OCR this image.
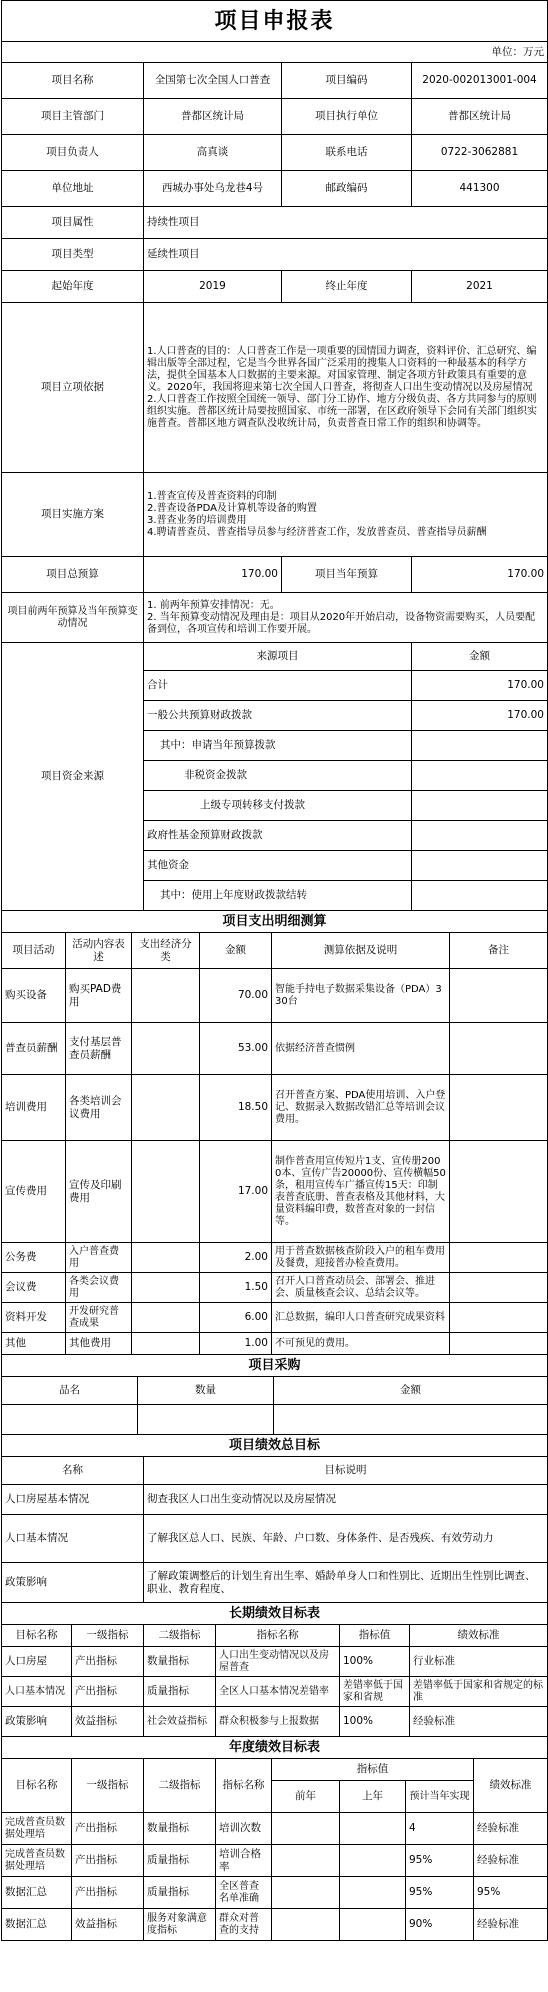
项目申报表			
单位：万元			
项目名称	全国第七次全国人口普查	项目编码	2020-002013001-004
项目主管部门	普都区统计局	项目执行单位	普都区统计局
项目负责人	高真谈	联系电话	0722-3062881
单位地址	西城办事处乌龙巷4号	邮政编码	441300
项目属性	持续性项目		
项目类型	延续性项目		
起始年度	2019	终止年度	2021
项目立项依据	1.人口普查的目的：人口普查工作是一项重要的国情国力调查，资料评价、汇总研究、编辑出版等全部过程，它是当今世界各国广泛采用的搜集人口资料的一种最基本的科学方法，提供全国基本人口数据的主要来源。对国家管理、制定各项方针政策具有重要的意义。2020年，我国将迎来第七次全国人口普查，将彻查人口出生变动情况以及房屋情况
2.人口普查工作按照全国统一领导、部门分工协作、地方分级负责、各方共同参与的原则组织实施。普都区统计局要按照国家、市统一部署，在区政府领导下会同有关部门组织实施普查。普都区地方调查队没收统计局，负责普查日常工作的组织和协调等。		
项目实施方案	1.普查宣传及普查资料的印制
2.普查设备PDA及计算机等设备的购置
3.普查业务的培训费用
4.聘请普查员、普查指导员参与经济普查工作，发放普查员、普查指导员薪酬		
项目总预算	170.00	项目当年预算	170.00
项目前两年预算及当年预算变动情况	1. 前两年预算安排情况：无。
2. 当年预算变动情况及理由是：项目从2020年开始启动，设备物资需要购买，人员要配备到位，各项宣传和培训工作要开展。		
项目资金来源	来源项目	金额
	合计	170.00
	一般公共预算财政拨款	170.00
	其中：申请当年预算拨款	
	非税资金拨款	
	上级专项转移支付拨款	
	政府性基金预算财政拨款	
	其他资金	
	其中：使用上年度财政拨款结转	
项目支出明细测算					
项目活动	活动内容表述	支出经济分类	金额	测算依据及说明	备注
购买设备	购买PAD费用		70.00	智能手持电子数据采集设备（PDA）330台	
普查员薪酬	支付基层普查员薪酬		53.00	依据经济普查惯例	
培训费用	各类培训会议费用		18.50	召开普查方案、PDA使用培训、入户登记、数据录入数据改错汇总等培训会议费用。	
宣传费用	宣传及印刷费用		17.00	制作普查用宣传短片1支、宣传册2000本、宣传广告20000份、宣传横幅50条，租用宣传车广播宣传15天：印制表普查底册、普查表格及其他材料，大量资料编印费，数普查对象的一封信等。	
公务费	入户普查费用		2.00	用于普查数据核查阶段入户的租车费用及餐费，迎接普办检查费用。	
会议费	各类会议费用		1.50	召开人口普查动员会、部署会、推进会、质量核查会议、总结会议等。	
资料开发	开发研究普查成果		6.00	汇总数据，编印人口普查研究成果资料	
其他	其他费用		1.00	不可预见的费用。	
项目采购		
品名	数量	金额

项目绩效总目标	
名称	目标说明
人口房屋基本情况	彻查我区人口出生变动情况以及房屋情况
人口基本情况	了解我区总人口、民族、年龄、户口数、身体条件、是否残疾、有效劳动力
政策影响	了解政策调整后的计划生育出生率、婚龄单身人口和性别比、近期出生性别比调查、职业、教育程度、
长期绩效目标表					
目标名称	一级指标	二级指标	指标名称	指标值	绩效标准
人口房屋	产出指标	数量指标	人口出生变动情况以及房屋普查	100%	行业标准
人口基本情况	产出指标	质量指标	全区人口基本情况差错率	差错率低于国家和省规	差错率低于国家和省规定的标准
政策影响	效益指标	社会效益指标	群众积极参与上报数据	100%	经验标准
年度绩效目标表							
目标名称	一级指标	二级指标	指标名称	指标值			绩效标准
				前年	上年	预计当年实现	
完成普查员数据处理培	产出指标	数量指标	培训次数			4	经验标准
完成普查员数据处理培	产出指标	质量指标	培训合格率			95%	经验标准
数据汇总	产出指标	质量指标	全区普查名单准确			95%	95%
数据汇总	效益指标	服务对象满意度指标	群众对普查的支持			90%	经验标准
